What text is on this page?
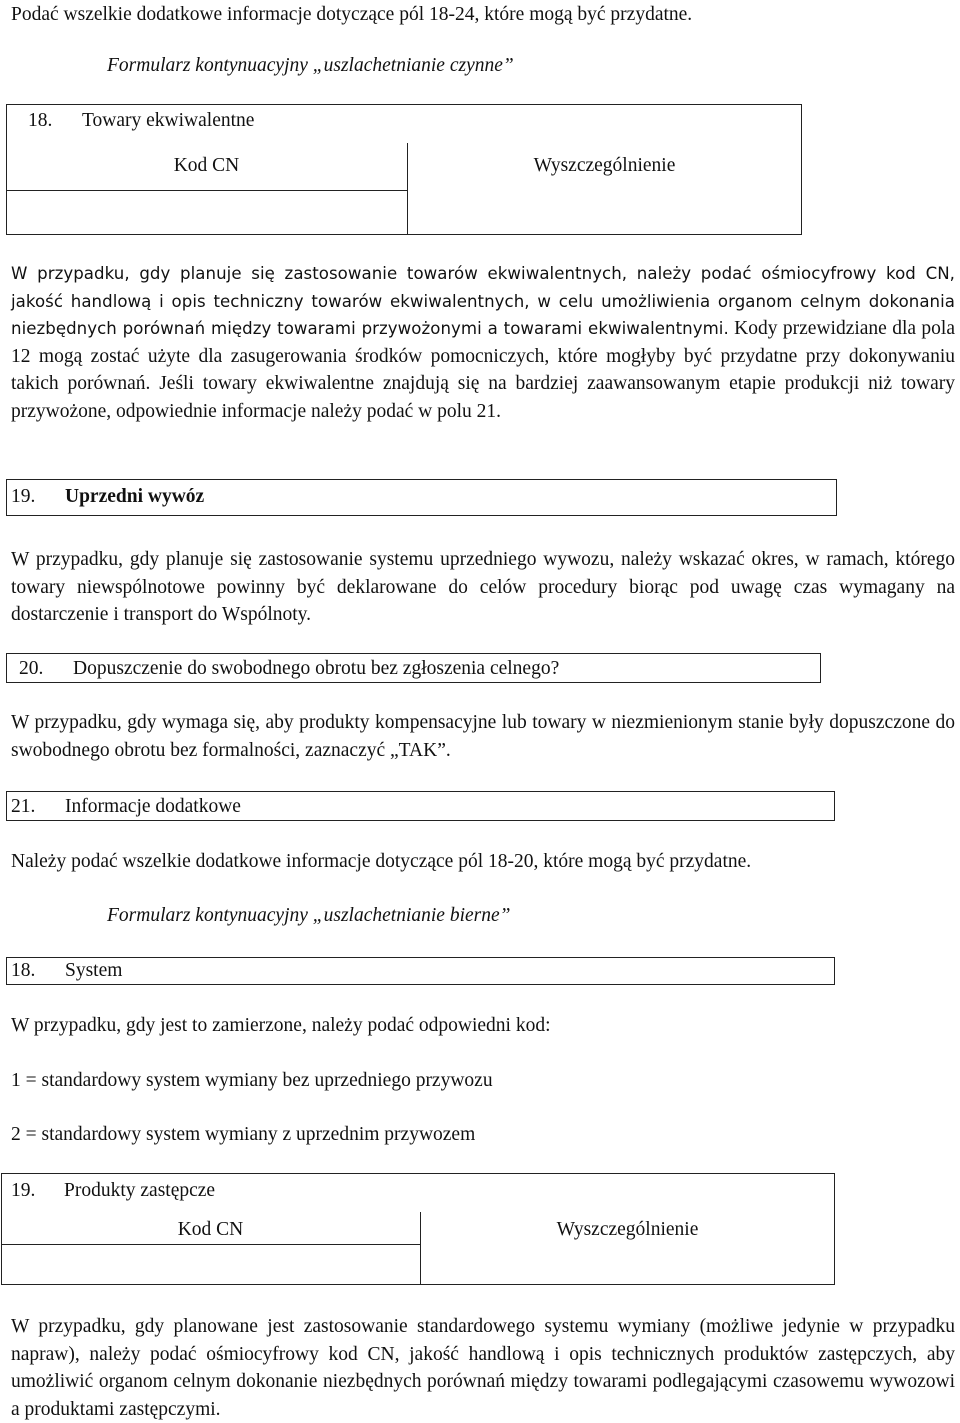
Podać wszelkie dodatkowe informacje dotyczące pól 18-24, które mogą być przydatne.
Formularz kontynuacyjny „uszlachetnianie czynne”
18. Towary ekwiwalentne
Kod CN	Wyszczególnienie
W przypadku, gdy planuje się zastosowanie towarów ekwiwalentnych, należy podać ośmiocyfrowy kod CN, jakość handlową i opis techniczny towarów ekwiwalentnych, w celu umożliwienia organom celnym dokonania niezbędnych porównań między towarami przywożonymi a towarami ekwiwalentnymi. Kody przewidziane dla pola 12 mogą zostać użyte dla zasugerowania środków pomocniczych, które mogłyby być przydatne przy dokonywaniu takich porównań. Jeśli towary ekwiwalentne znajdują się na bardziej zaawansowanym etapie produkcji niż towary przywożone, odpowiednie informacje należy podać w polu 21.
19. Uprzedni wywóz
W przypadku, gdy planuje się zastosowanie systemu uprzedniego wywozu, należy wskazać okres, w ramach, którego towary niewspólnotowe powinny być deklarowane do celów procedury biorąc pod uwagę czas wymagany na dostarczenie i transport do Wspólnoty.
20. Dopuszczenie do swobodnego obrotu bez zgłoszenia celnego?
W przypadku, gdy wymaga się, aby produkty kompensacyjne lub towary w niezmienionym stanie były dopuszczone do swobodnego obrotu bez formalności, zaznaczyć „TAK”.
21. Informacje dodatkowe
Należy podać wszelkie dodatkowe informacje dotyczące pól 18-20, które mogą być przydatne.
Formularz kontynuacyjny „uszlachetnianie bierne”
18. System
W przypadku, gdy jest to zamierzone, należy podać odpowiedni kod:
1 = standardowy system wymiany bez uprzedniego przywozu
2 = standardowy system wymiany z uprzednim przywozem
19. Produkty zastępcze
Kod CN	Wyszczególnienie
W przypadku, gdy planowane jest zastosowanie standardowego systemu wymiany (możliwe jedynie w przypadku napraw), należy podać ośmiocyfrowy kod CN, jakość handlową i opis technicznych produktów zastępczych, aby umożliwić organom celnym dokonanie niezbędnych porównań między towarami podlegającymi czasowemu wywozowi a produktami zastępczymi.
